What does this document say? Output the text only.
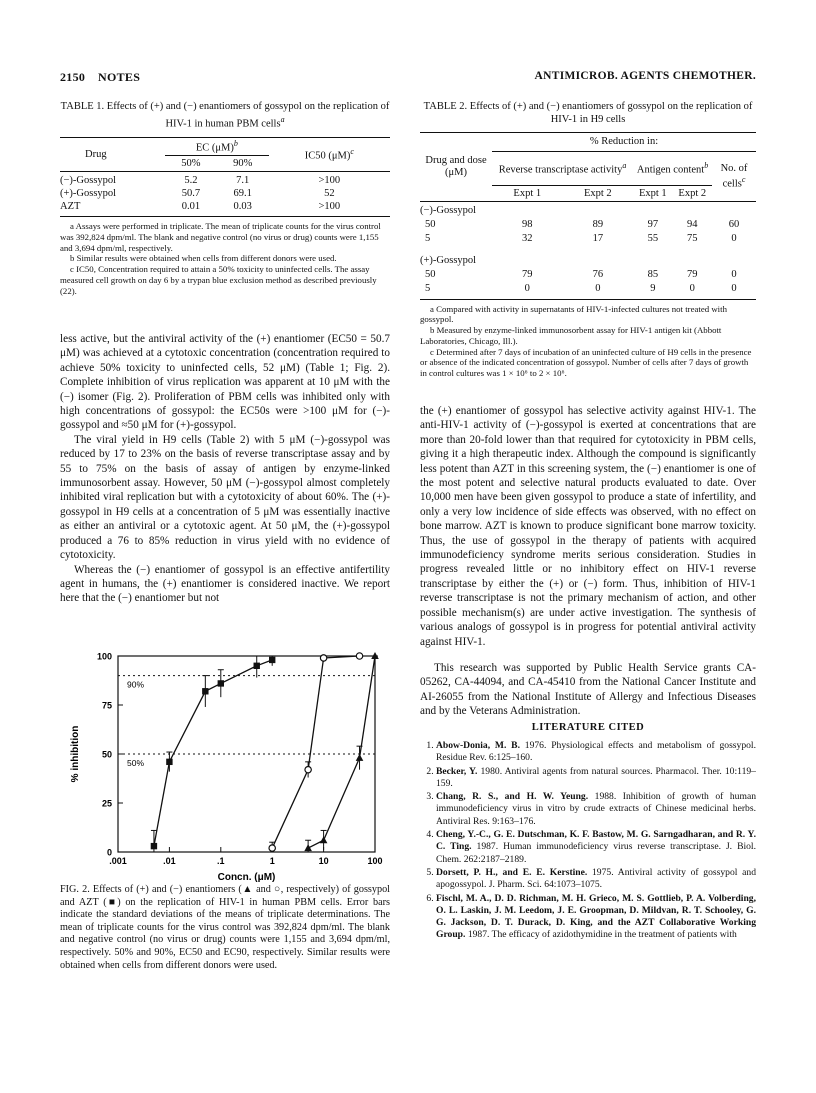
2150 NOTES	ANTIMICROB. AGENTS CHEMOTHER.
TABLE 1. Effects of (+) and (−) enantiomers of gossypol on the replication of HIV-1 in human PBM cells$^a$
Drug	EC $(\mu M)^b$		IC50 $(\mu M)^c$
	50%	90%	

(−)-Gossypol	5.2	7.1	>100
(+)-Gossypol	50.7	69.1	52
AZT	0.01	0.03	>100
a Assays were performed in triplicate. The mean of triplicate counts for the virus control was 392,824 dpm/ml. The blank and negative control (no virus or drug) counts were 1,155 and 3,694 dpm/ml, respectively.
b Similar results were obtained when cells from different donors were used.
c IC50, Concentration required to attain a 50% toxicity to uninfected cells. The assay measured cell growth on day 6 by a trypan blue exclusion method as described previously (22).

less active, but the antiviral activity of the (+) enantiomer (EC50 = 50.7 μM) was achieved at a cytotoxic concentration (concentration required to achieve 50% toxicity to uninfected cells, 52 μM) (Table 1; Fig. 2). Complete inhibition of virus replication was apparent at 10 μM with the (−) isomer (Fig. 2). Proliferation of PBM cells was inhibited only with high concentrations of gossypol: the EC50s were >100 μM for (−)-gossypol and ≈50 μM for (+)-gossypol.

The viral yield in H9 cells (Table 2) with 5 μM (−)-gossypol was reduced by 17 to 23% on the basis of reverse transcriptase assay and by 55 to 75% on the basis of assay of antigen by enzyme-linked immunosorbent assay. However, 50 μM (−)-gossypol almost completely inhibited viral replication but with a cytotoxicity of about 60%. The (+)-gossypol in H9 cells at a concentration of 5 μM was essentially inactive as either an antiviral or a cytotoxic agent. At 50 μM, the (+)-gossypol produced a 76 to 85% reduction in virus yield with no evidence of cytotoxicity.

Whereas the (−) enantiomer of gossypol is an effective antifertility agent in humans, the (+) enantiomer is considered inactive. We report here that the (−) enantiomer but not

90%
50%
0
25
50
75
100
.001	.01	.1	1	10	100
Concn. (μM)
% inhibition
FIG. 2. Effects of (+) and (−) enantiomers (▲ and ○, respectively) of gossypol and AZT (■) on the replication of HIV-1 in human PBM cells. Error bars indicate the standard deviations of the means of triplicate determinations. The mean of triplicate counts for the virus control was 392,824 dpm/ml. The blank and negative control (no virus or drug) counts were 1,155 and 3,694 dpm/ml, respectively. 50% and 90%, EC50 and EC90, respectively. Similar results were obtained when cells from different donors were used.
TABLE 2. Effects of (+) and (−) enantiomers of gossypol on the replication of HIV-1 in H9 cells
Drug and dose (μM)	% Reduction in:				
	Reverse transcriptase activity$^a$		Antigen content$^b$		No. of cells$^c$
	Expt 1	Expt 2	Expt 1	Expt 2	

(−)-Gossypol					
50	98	89	97	94	60
5	32	17	55	75	0

(+)-Gossypol					
50	79	76	85	79	0
5	0	0	9	0	0
a Compared with activity in supernatants of HIV-1-infected cultures not treated with gossypol.
b Measured by enzyme-linked immunosorbent assay for HIV-1 antigen kit (Abbott Laboratories, Chicago, Ill.).
c Determined after 7 days of incubation of an uninfected culture of H9 cells in the presence or absence of the indicated concentration of gossypol. Number of cells after 7 days of growth in control cultures was 1 × 10⁶ to 2 × 10⁶.

the (+) enantiomer of gossypol has selective activity against HIV-1. The anti-HIV-1 activity of (−)-gossypol is exerted at concentrations that are more than 20-fold lower than that required for cytotoxicity in PBM cells, giving it a high therapeutic index. Although the compound is significantly less potent than AZT in this screening system, the (−) enantiomer is one of the most potent and selective natural products evaluated to date. Over 10,000 men have been given gossypol to produce a state of infertility, and only a very low incidence of side effects was observed, with no effect on bone marrow. AZT is known to produce significant bone marrow toxicity. Thus, the use of gossypol in the therapy of patients with acquired immunodeficiency syndrome merits serious consideration. Studies in progress revealed little or no inhibitory effect on HIV-1 reverse transcriptase by either the (+) or (−) form. Thus, inhibition of HIV-1 reverse transcriptase is not the primary mechanism of action, and other possible mechanism(s) are under active investigation. The synthesis of various analogs of gossypol is in progress for potential antiviral activity against HIV-1.

This research was supported by Public Health Service grants CA-05262, CA-44094, and CA-45410 from the National Cancer Institute and AI-26055 from the National Institute of Allergy and Infectious Diseases and by the Veterans Administration.

LITERATURE CITED
1. Abow-Donia, M. B. 1976. Physiological effects and metabolism of gossypol. Residue Rev. 6:125–160.
2. Becker, Y. 1980. Antiviral agents from natural sources. Pharmacol. Ther. 10:119–159.
3. Chang, R. S., and H. W. Yeung. 1988. Inhibition of growth of human immunodeficiency virus in vitro by crude extracts of Chinese medicinal herbs. Antiviral Res. 9:163–176.
4. Cheng, Y.-C., G. E. Dutschman, K. F. Bastow, M. G. Sarngadharan, and R. Y. C. Ting. 1987. Human immunodeficiency virus reverse transcriptase. J. Biol. Chem. 262:2187–2189.
5. Dorsett, P. H., and E. E. Kerstine. 1975. Antiviral activity of gossypol and apogossypol. J. Pharm. Sci. 64:1073–1075.
6. Fischl, M. A., D. D. Richman, M. H. Grieco, M. S. Gottlieb, P. A. Volberding, O. L. Laskin, J. M. Leedom, J. E. Groopman, D. Mildvan, R. T. Schooley, G. G. Jackson, D. T. Durack, D. King, and the AZT Collaborative Working Group. 1987. The efficacy of azidothymidine in the treatment of patients with
